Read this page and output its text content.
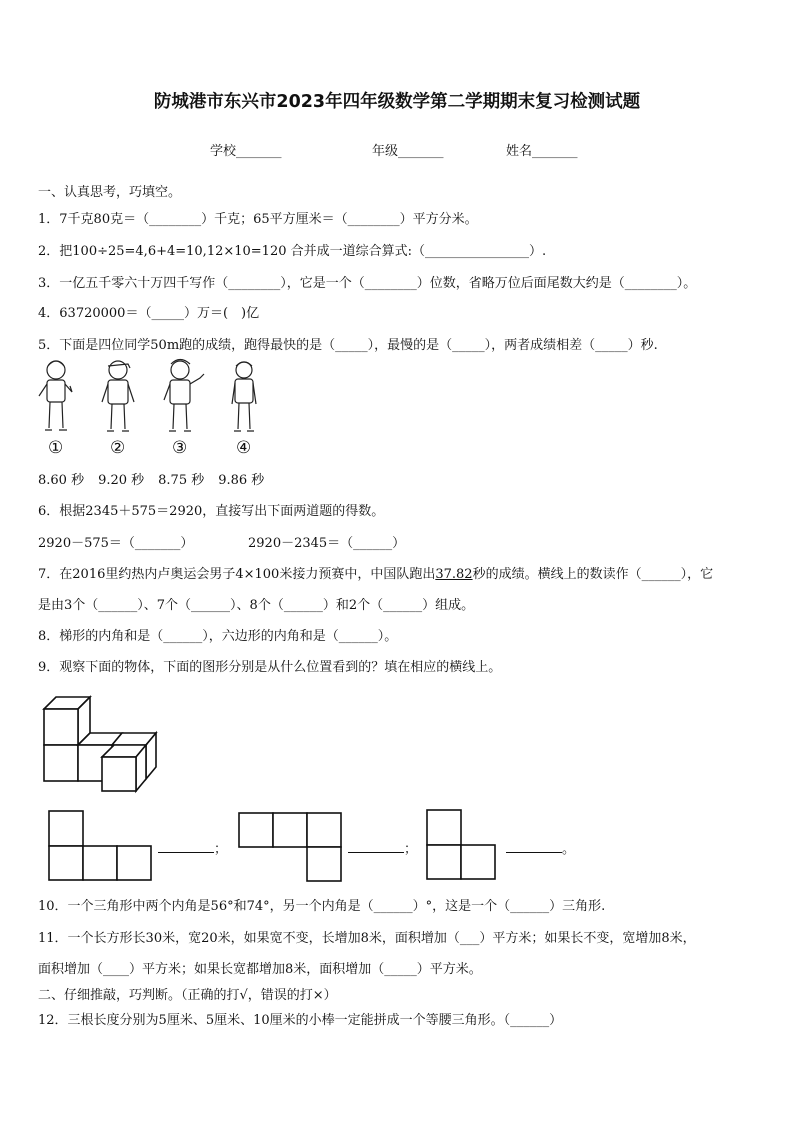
防城港市东兴市2023年四年级数学第二学期期末复习检测试题
学校_______	年级_______	姓名_______
一、认真思考，巧填空。
1．7千克80克＝（________）千克；65平方厘米＝（________）平方分米。
2．把100÷25=4,6+4=10,12×10=120 合并成一道综合算式:（________________）.
3．一亿五千零六十万四千写作（________），它是一个（________）位数，省略万位后面尾数大约是（________）。
4．63720000＝（_____）万＝(　)亿
5．下面是四位同学50m跑的成绩，跑得最快的是（_____），最慢的是（_____），两者成绩相差（_____）秒.
①	②	③	④
8.60 秒 9.20 秒 8.75 秒 9.86 秒
6．根据2345＋575＝2920，直接写出下面两道题的得数。
2920－575＝（_______）	2920－2345＝（______）
7．在2016里约热内卢奥运会男子4×100米接力预赛中，中国队跑出37.82秒的成绩。横线上的数读作（______），它
是由3个（______）、7个（______）、8个（______）和2个（______）组成。
8．梯形的内角和是（______），六边形的内角和是（______）。
9．观察下面的物体，下面的图形分别是从什么位置看到的？填在相应的横线上。
；	；	。
10．一个三角形中两个内角是56°和74°，另一个内角是（______）°，这是一个（______）三角形.
11．一个长方形长30米，宽20米，如果宽不变，长增加8米，面积增加（___）平方米；如果长不变，宽增加8米，
面积增加（____）平方米；如果长宽都增加8米，面积增加（_____）平方米。
二、仔细推敲，巧判断。（正确的打√，错误的打×）
12．三根长度分别为5厘米、5厘米、10厘米的小棒一定能拼成一个等腰三角形。（______）
